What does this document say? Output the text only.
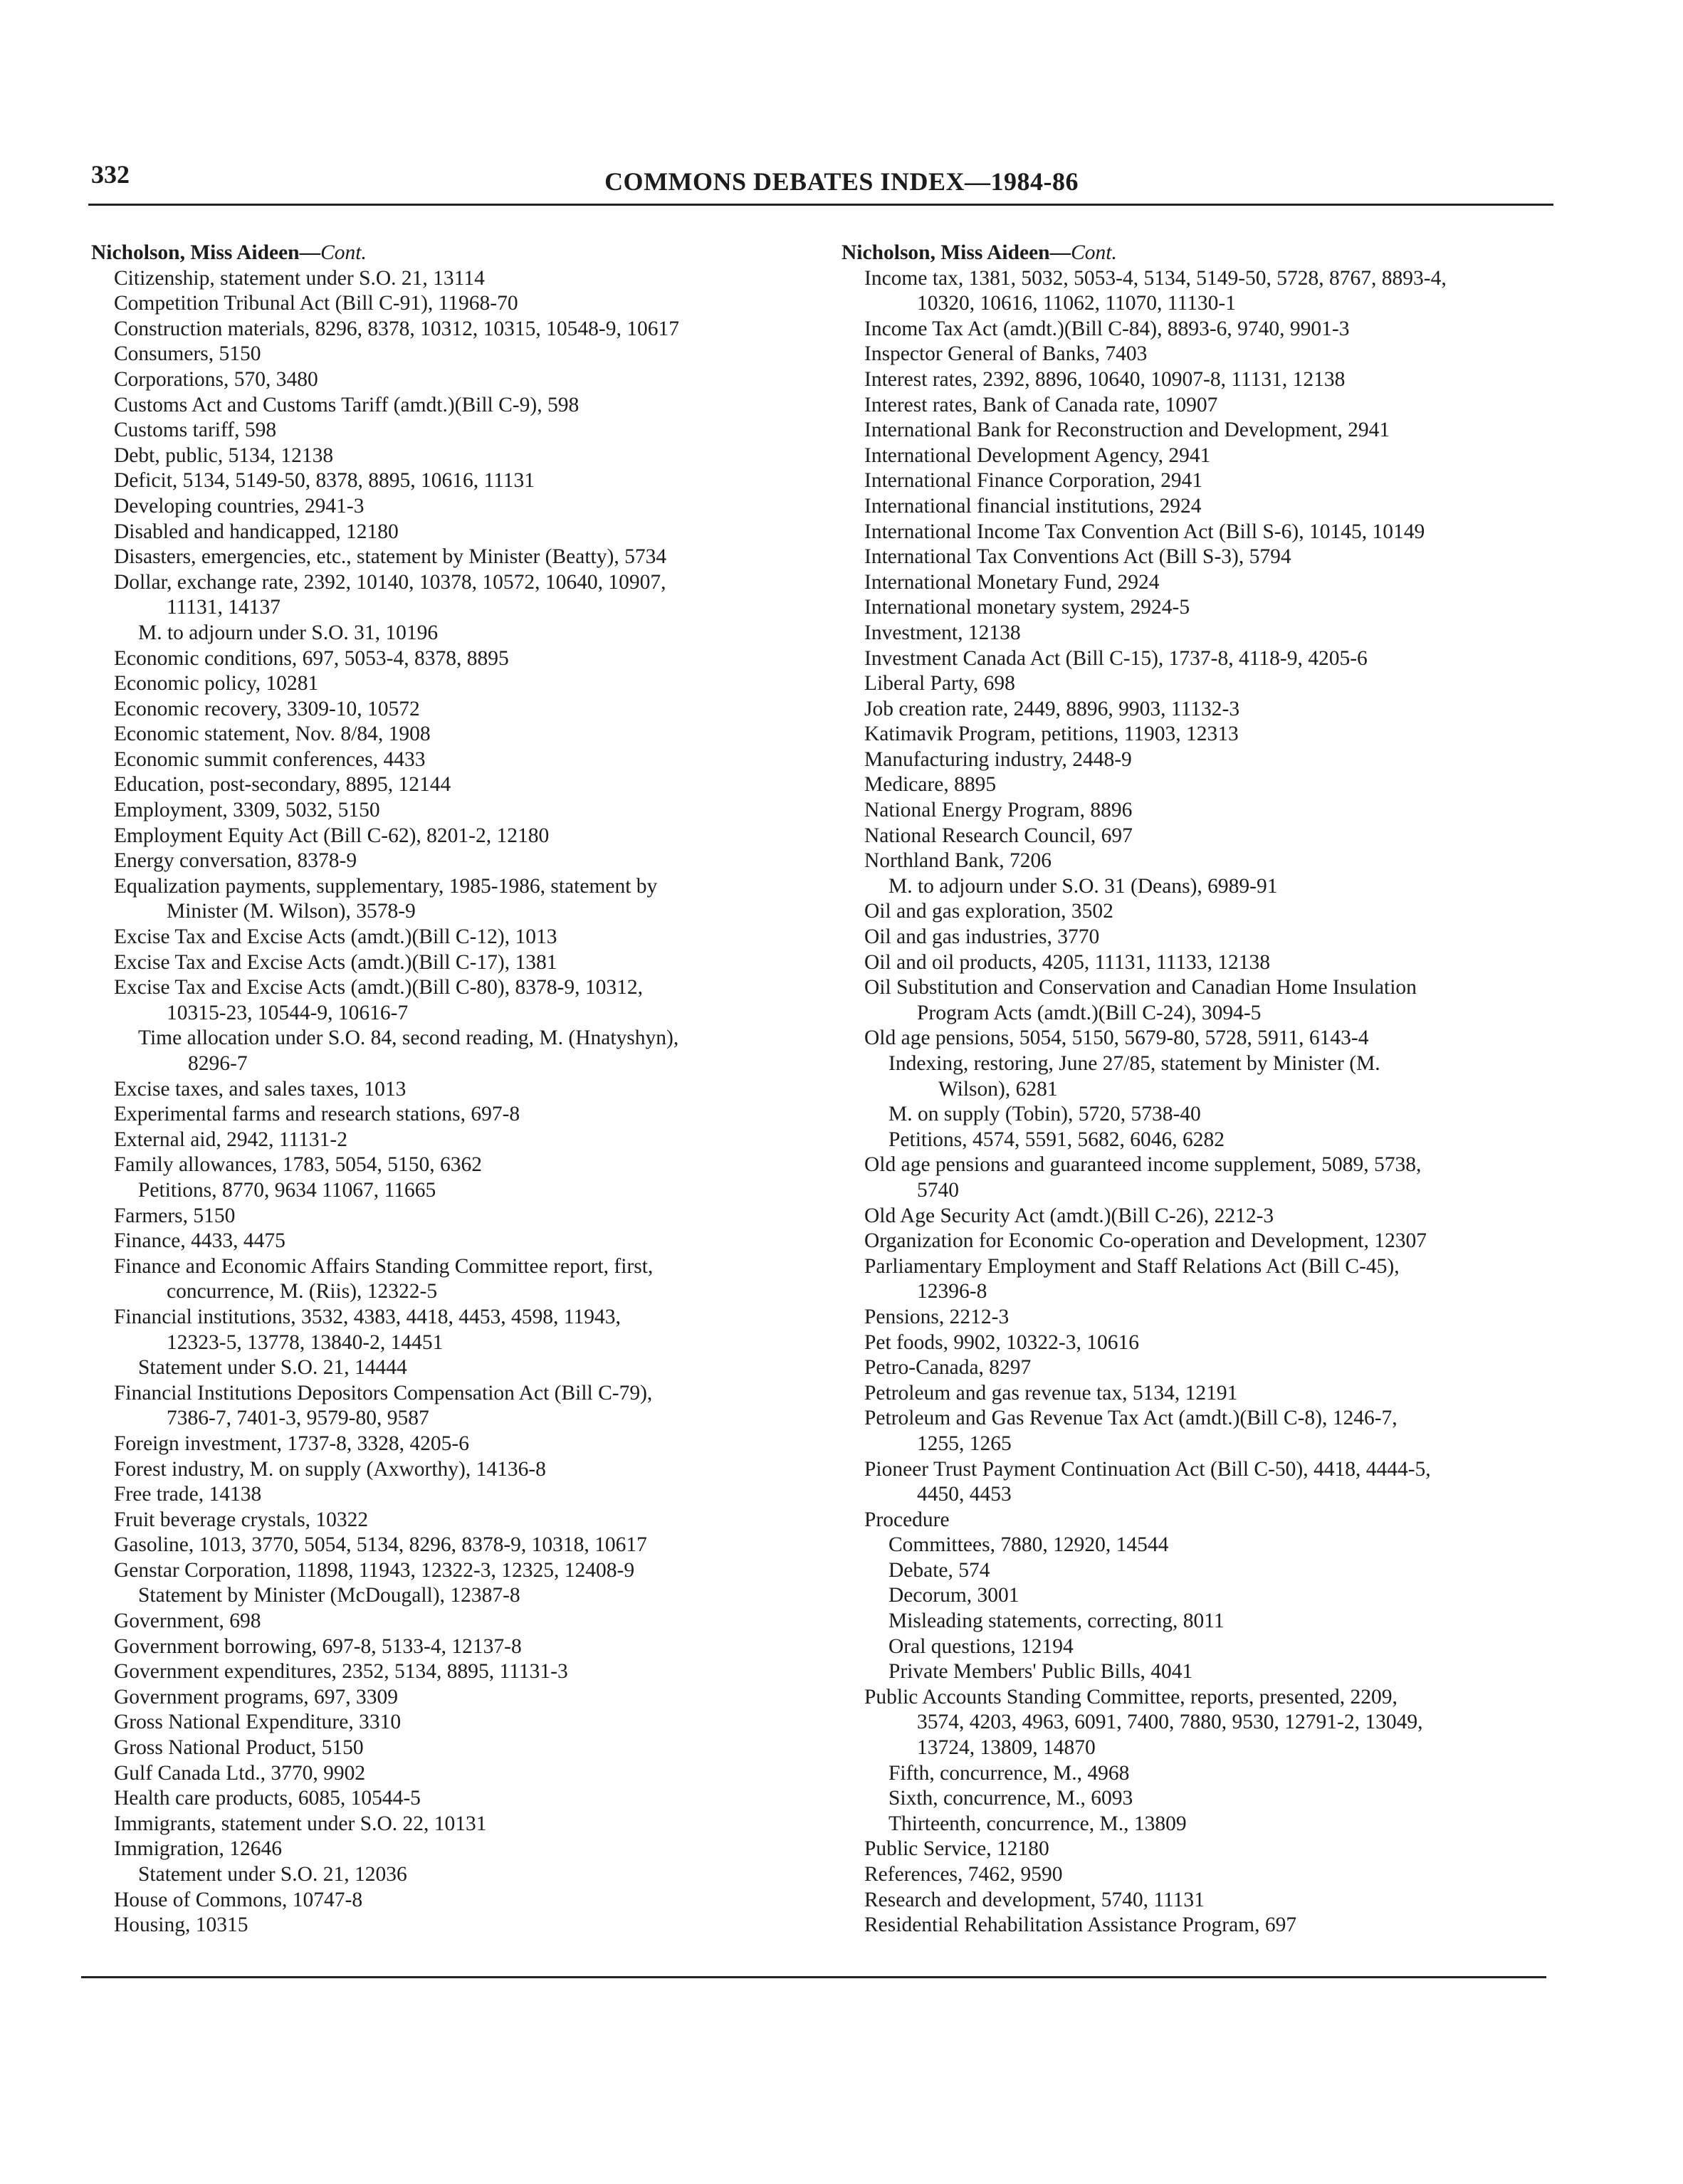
332	COMMONS DEBATES INDEX—1984-86
Nicholson, Miss Aideen—Cont.
Citizenship, statement under S.O. 21, 13114
Competition Tribunal Act (Bill C-91), 11968-70
Construction materials, 8296, 8378, 10312, 10315, 10548-9, 10617
Consumers, 5150
Corporations, 570, 3480
Customs Act and Customs Tariff (amdt.)(Bill C-9), 598
Customs tariff, 598
Debt, public, 5134, 12138
Deficit, 5134, 5149-50, 8378, 8895, 10616, 11131
Developing countries, 2941-3
Disabled and handicapped, 12180
Disasters, emergencies, etc., statement by Minister (Beatty), 5734
Dollar, exchange rate, 2392, 10140, 10378, 10572, 10640, 10907,
11131, 14137
M. to adjourn under S.O. 31, 10196
Economic conditions, 697, 5053-4, 8378, 8895
Economic policy, 10281
Economic recovery, 3309-10, 10572
Economic statement, Nov. 8/84, 1908
Economic summit conferences, 4433
Education, post-secondary, 8895, 12144
Employment, 3309, 5032, 5150
Employment Equity Act (Bill C-62), 8201-2, 12180
Energy conversation, 8378-9
Equalization payments, supplementary, 1985-1986, statement by
Minister (M. Wilson), 3578-9
Excise Tax and Excise Acts (amdt.)(Bill C-12), 1013
Excise Tax and Excise Acts (amdt.)(Bill C-17), 1381
Excise Tax and Excise Acts (amdt.)(Bill C-80), 8378-9, 10312,
10315-23, 10544-9, 10616-7
Time allocation under S.O. 84, second reading, M. (Hnatyshyn),
8296-7
Excise taxes, and sales taxes, 1013
Experimental farms and research stations, 697-8
External aid, 2942, 11131-2
Family allowances, 1783, 5054, 5150, 6362
Petitions, 8770, 9634 11067, 11665
Farmers, 5150
Finance, 4433, 4475
Finance and Economic Affairs Standing Committee report, first,
concurrence, M. (Riis), 12322-5
Financial institutions, 3532, 4383, 4418, 4453, 4598, 11943,
12323-5, 13778, 13840-2, 14451
Statement under S.O. 21, 14444
Financial Institutions Depositors Compensation Act (Bill C-79),
7386-7, 7401-3, 9579-80, 9587
Foreign investment, 1737-8, 3328, 4205-6
Forest industry, M. on supply (Axworthy), 14136-8
Free trade, 14138
Fruit beverage crystals, 10322
Gasoline, 1013, 3770, 5054, 5134, 8296, 8378-9, 10318, 10617
Genstar Corporation, 11898, 11943, 12322-3, 12325, 12408-9
Statement by Minister (McDougall), 12387-8
Government, 698
Government borrowing, 697-8, 5133-4, 12137-8
Government expenditures, 2352, 5134, 8895, 11131-3
Government programs, 697, 3309
Gross National Expenditure, 3310
Gross National Product, 5150
Gulf Canada Ltd., 3770, 9902
Health care products, 6085, 10544-5
Immigrants, statement under S.O. 22, 10131
Immigration, 12646
Statement under S.O. 21, 12036
House of Commons, 10747-8
Housing, 10315
Nicholson, Miss Aideen—Cont.
Income tax, 1381, 5032, 5053-4, 5134, 5149-50, 5728, 8767, 8893-4,
10320, 10616, 11062, 11070, 11130-1
Income Tax Act (amdt.)(Bill C-84), 8893-6, 9740, 9901-3
Inspector General of Banks, 7403
Interest rates, 2392, 8896, 10640, 10907-8, 11131, 12138
Interest rates, Bank of Canada rate, 10907
International Bank for Reconstruction and Development, 2941
International Development Agency, 2941
International Finance Corporation, 2941
International financial institutions, 2924
International Income Tax Convention Act (Bill S-6), 10145, 10149
International Tax Conventions Act (Bill S-3), 5794
International Monetary Fund, 2924
International monetary system, 2924-5
Investment, 12138
Investment Canada Act (Bill C-15), 1737-8, 4118-9, 4205-6
Liberal Party, 698
Job creation rate, 2449, 8896, 9903, 11132-3
Katimavik Program, petitions, 11903, 12313
Manufacturing industry, 2448-9
Medicare, 8895
National Energy Program, 8896
National Research Council, 697
Northland Bank, 7206
M. to adjourn under S.O. 31 (Deans), 6989-91
Oil and gas exploration, 3502
Oil and gas industries, 3770
Oil and oil products, 4205, 11131, 11133, 12138
Oil Substitution and Conservation and Canadian Home Insulation
Program Acts (amdt.)(Bill C-24), 3094-5
Old age pensions, 5054, 5150, 5679-80, 5728, 5911, 6143-4
Indexing, restoring, June 27/85, statement by Minister (M.
Wilson), 6281
M. on supply (Tobin), 5720, 5738-40
Petitions, 4574, 5591, 5682, 6046, 6282
Old age pensions and guaranteed income supplement, 5089, 5738,
5740
Old Age Security Act (amdt.)(Bill C-26), 2212-3
Organization for Economic Co-operation and Development, 12307
Parliamentary Employment and Staff Relations Act (Bill C-45),
12396-8
Pensions, 2212-3
Pet foods, 9902, 10322-3, 10616
Petro-Canada, 8297
Petroleum and gas revenue tax, 5134, 12191
Petroleum and Gas Revenue Tax Act (amdt.)(Bill C-8), 1246-7,
1255, 1265
Pioneer Trust Payment Continuation Act (Bill C-50), 4418, 4444-5,
4450, 4453
Procedure
Committees, 7880, 12920, 14544
Debate, 574
Decorum, 3001
Misleading statements, correcting, 8011
Oral questions, 12194
Private Members' Public Bills, 4041
Public Accounts Standing Committee, reports, presented, 2209,
3574, 4203, 4963, 6091, 7400, 7880, 9530, 12791-2, 13049,
13724, 13809, 14870
Fifth, concurrence, M., 4968
Sixth, concurrence, M., 6093
Thirteenth, concurrence, M., 13809
Public Service, 12180
References, 7462, 9590
Research and development, 5740, 11131
Residential Rehabilitation Assistance Program, 697
